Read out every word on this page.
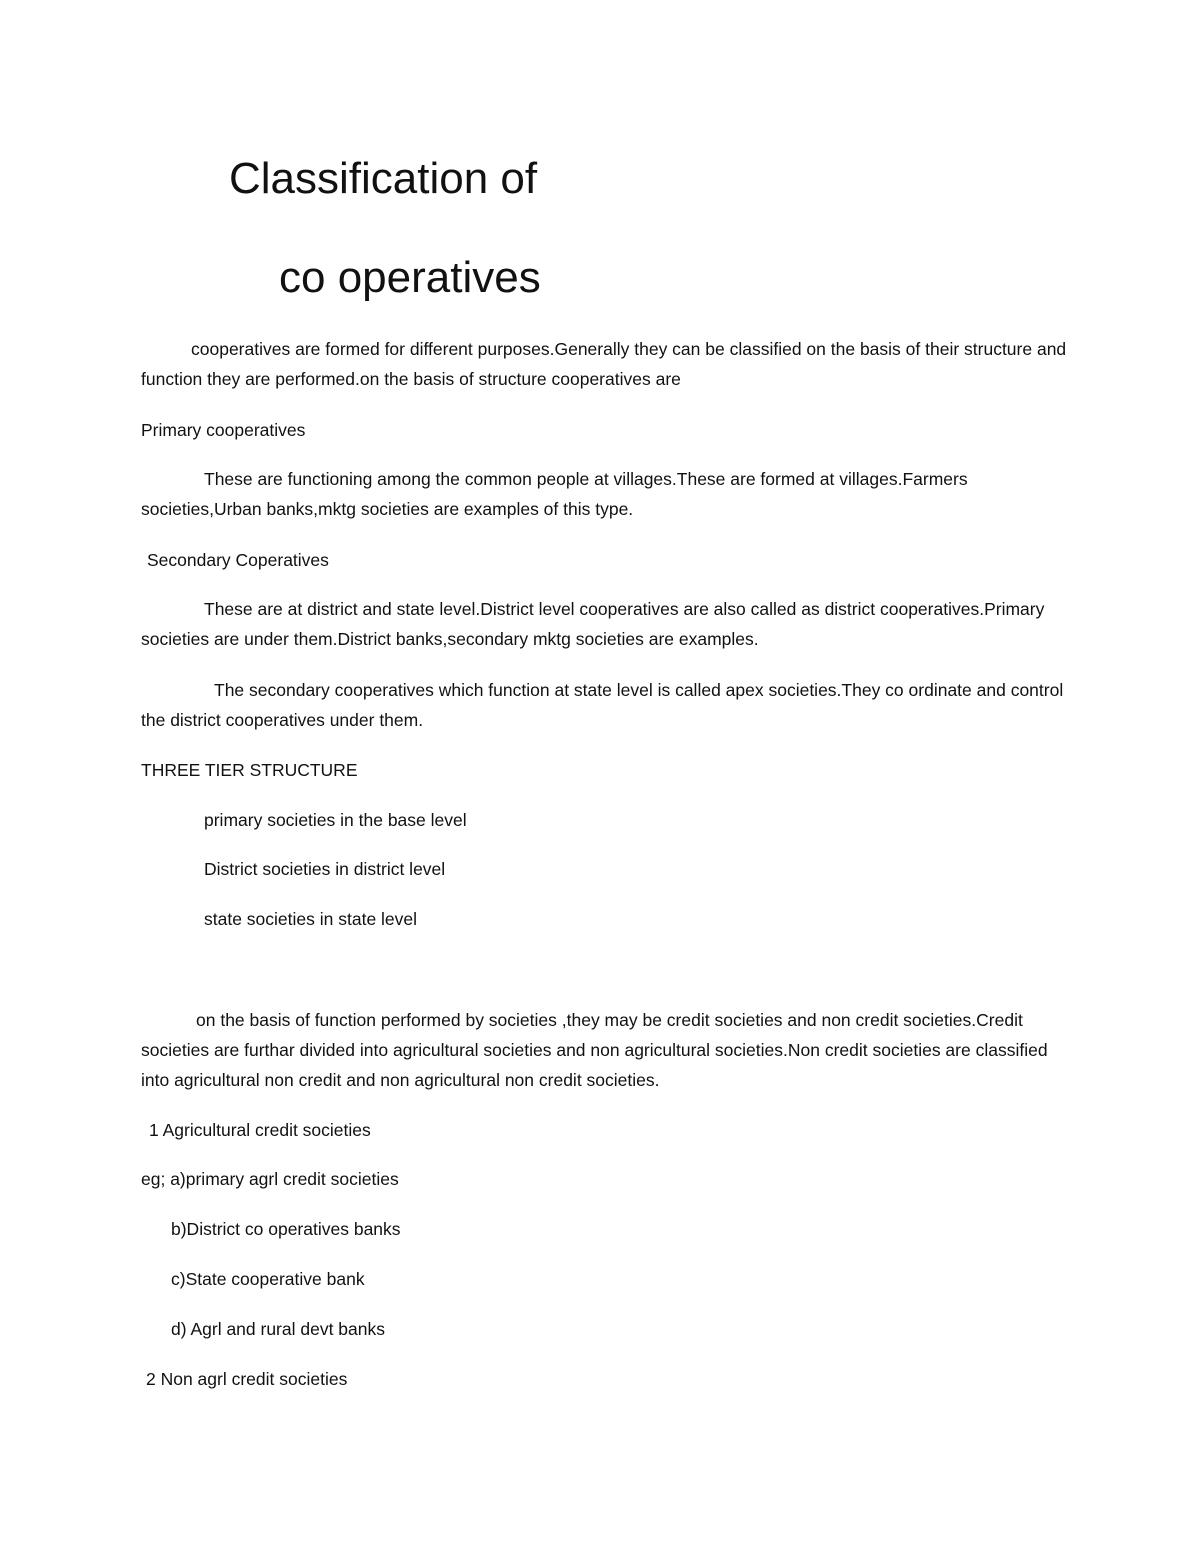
Classification of
co operatives
cooperatives are formed for different purposes.Generally they can be classified on the basis of their structure and function they are performed.on the basis of structure cooperatives are
Primary cooperatives
These are functioning among the common people at villages.These are formed at villages.Farmers societies,Urban banks,mktg societies are examples of this type.
Secondary Coperatives
These are at district and state level.District level cooperatives are also called as district cooperatives.Primary societies are under them.District banks,secondary mktg societies are examples.
The secondary cooperatives which function at state level is called apex societies.They co ordinate and control the district cooperatives under them.
THREE TIER STRUCTURE
primary societies in the base level
District societies in district level
state societies in state level
on the basis of function performed by societies ,they may be credit societies and non credit societies.Credit societies are furthar divided into agricultural societies and non agricultural societies.Non credit societies are classified into agricultural non credit and non agricultural non credit societies.
1 Agricultural credit societies
eg; a)primary agrl credit societies
b)District co operatives banks
c)State cooperative bank
d) Agrl and rural devt banks
2 Non agrl credit societies
